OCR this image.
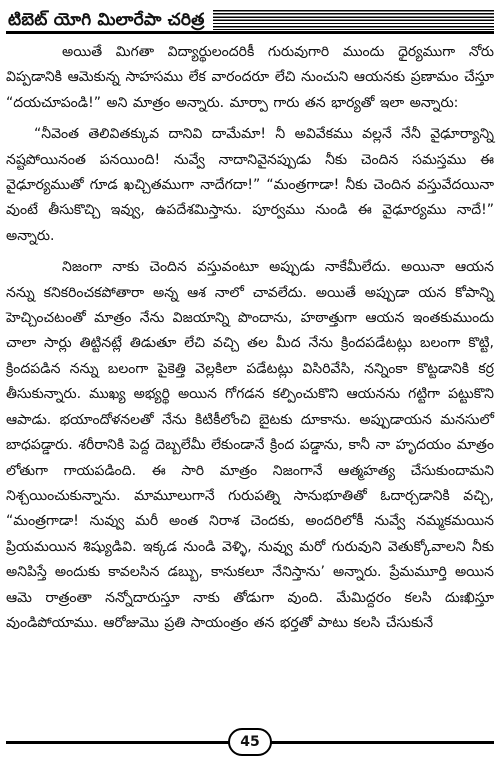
టిబెట్ యోగి మిలారేపా చరిత్ర

అయితే మిగతా విద్యార్థులందరికీ గురువుగారి ముందు ధైర్యముగా నోరు విప్పడానికి ఆమెకున్న సాహసము లేక వారందరూ లేచి నుంచుని ఆయనకు ప్రణామం చేస్తూ “దయచూపండి!” అని మాత్రం అన్నారు. మార్పా గారు తన భార్యతో ఇలా అన్నారు:

“నీవెంత తెలివితక్కువ దానివి దామేమా! నీ అవివేకము వల్లనే నేనీ వైఢూర్యాన్ని నష్టపోయినంత పనయింది! నువ్వే నాదానివైనప్పుడు నీకు చెందిన సమస్తము ఈ వైఢూర్యముతో గూడ ఖచ్చితముగా నాదేగదా!” “మంత్రగాడా! నీకు చెందిన వస్తువేదయినా వుంటే తీసుకొచ్చి ఇవ్వు, ఉపదేశమిస్తాను. పూర్వము నుండి ఈ వైఢూర్యము నాదే!” అన్నారు.

నిజంగా నాకు చెందిన వస్తువంటూ అప్పుడు నాకేమీలేదు. అయినా ఆయన నన్ను కనికరించకపోతారా అన్న ఆశ నాలో చావలేదు. అయితే అప్పుడా యన కోపాన్ని హెచ్చించటంతో మాత్రం నేను విజయాన్ని పొందాను, హఠాత్తుగా ఆయన ఇంతకుముందు చాలా సార్లు తిట్టినట్లే తిడుతూ లేచి వచ్చి తల మీద నేను క్రిందపడేటట్లు బలంగా కొట్టి, క్రిందపడిన నన్ను బలంగా పైకెత్తి వెల్లకిలా పడేటట్లు విసిరివేసి, నన్నింకా కొట్టడానికి కర్ర తీసుకున్నారు. ముఖ్య అభ్యర్థి అయిన గోగడన కల్పించుకొని ఆయనను గట్టిగా పట్టుకొని ఆపాడు. భయాందోళనలతో నేను కిటికీలోంచి బైటకు దూకాను. అప్పుడాయన మనసులో బాధపడ్డారు. శరీరానికి పెద్ద దెబ్బలేమీ లేకుండానే క్రింద పడ్డాను, కానీ నా హృదయం మాత్రం లోతుగా గాయపడింది. ఈ సారి మాత్రం నిజంగానే ఆత్మహత్య చేసుకుందామని నిశ్చయించుకున్నాను. మామూలుగానే గురుపత్ని సానుభూతితో ఓదార్చడానికి వచ్చి, “మంత్రగాడా! నువ్వు మరీ అంత నిరాశ చెందకు, అందరిలోకీ నువ్వే నమ్మకమయిన ప్రియమయిన శిష్యుడివి. ఇక్కడ నుండి వెళ్ళి, నువ్వు మరో గురువుని వెతుక్కోవాలని నీకు అనిపిస్తే అందుకు కావలసిన డబ్బు, కానుకలూ నేనిస్తాను’ అన్నారు. ప్రేమమూర్తి అయిన ఆమె రాత్రంతా నన్నోదారుస్తూ నాకు తోడుగా వుంది. మేమిద్దరం కలసి దుఃఖిస్తూ వుండిపోయాము. ఆరోజుమొ ప్రతి సాయంత్రం తన భర్తతో పాటు కలసి చేసుకునే

45
